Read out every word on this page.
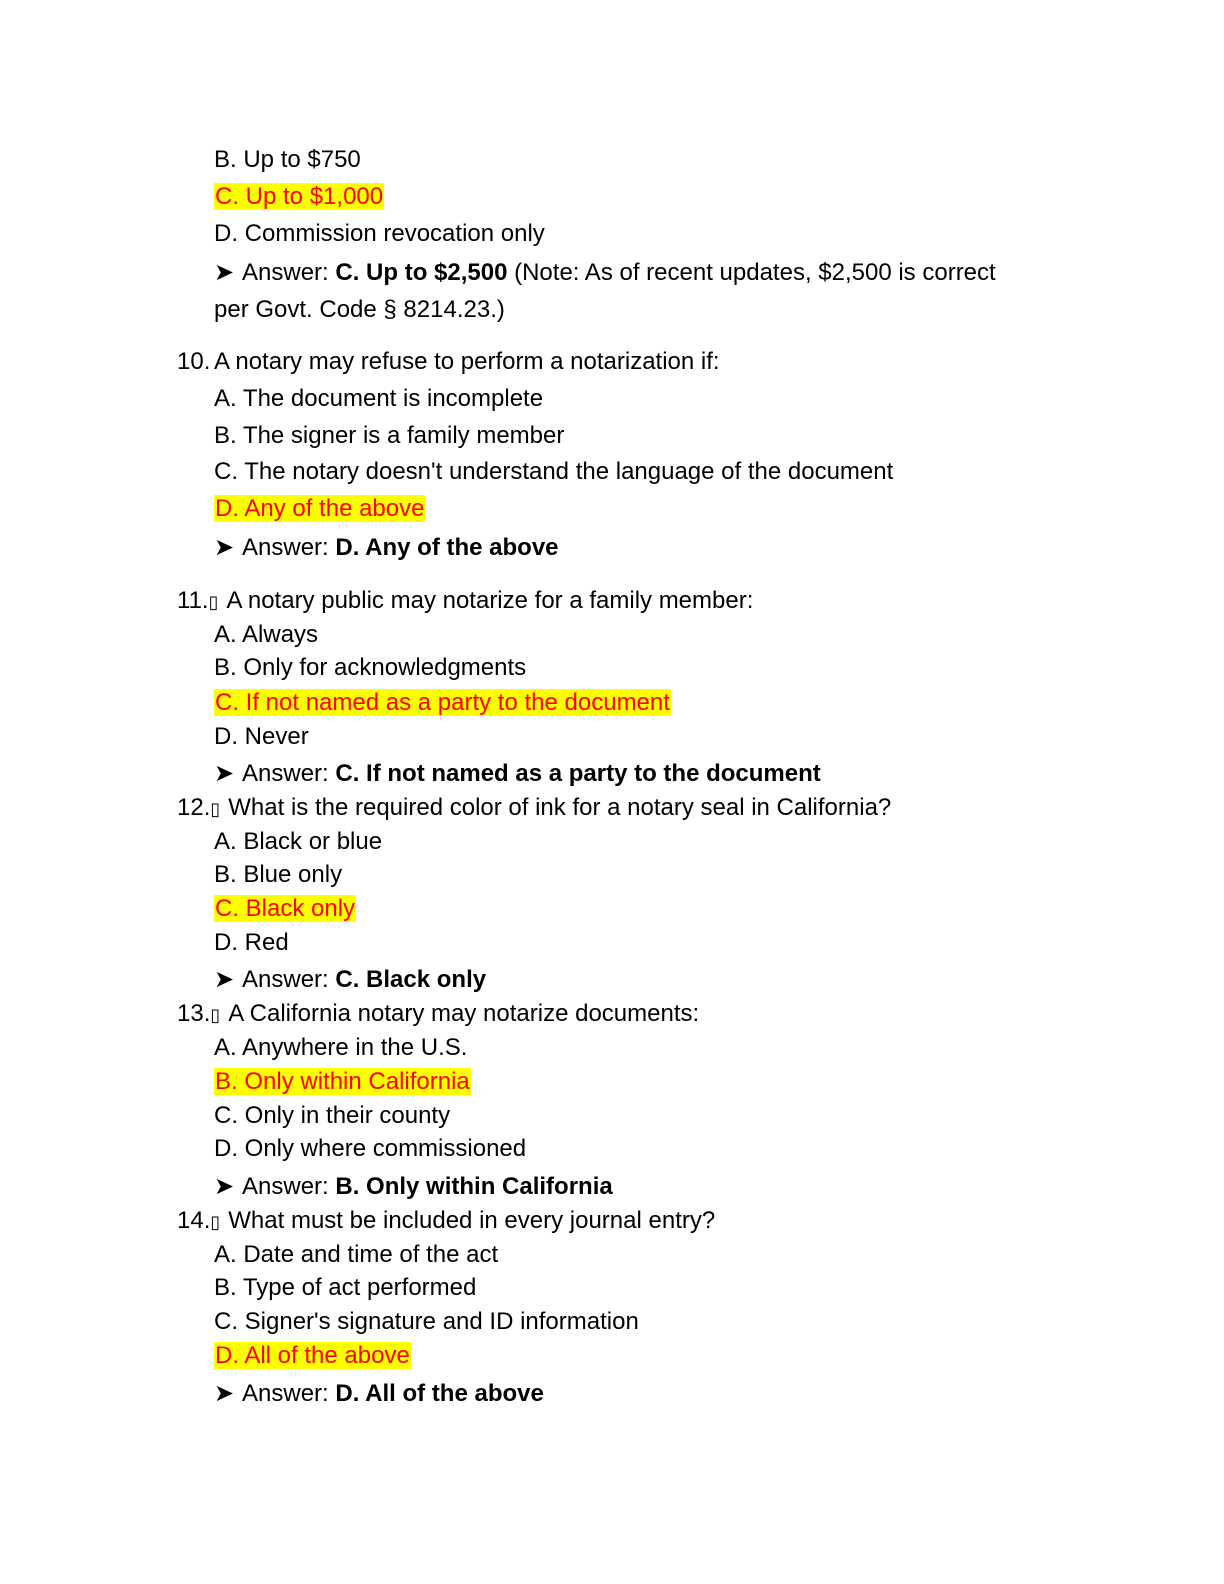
B. Up to $750
C. Up to $1,000
D. Commission revocation only
➤ Answer: C. Up to $2,500 (Note: As of recent updates, $2,500 is correct
per Govt. Code § 8214.23.)
10. A notary may refuse to perform a notarization if:
A. The document is incomplete
B. The signer is a family member
C. The notary doesn't understand the language of the document
D. Any of the above
➤ Answer: D. Any of the above
11.▯ A notary public may notarize for a family member:
A. Always
B. Only for acknowledgments
C. If not named as a party to the document
D. Never
➤ Answer: C. If not named as a party to the document
12.▯ What is the required color of ink for a notary seal in California?
A. Black or blue
B. Blue only
C. Black only
D. Red
➤ Answer: C. Black only
13.▯ A California notary may notarize documents:
A. Anywhere in the U.S.
B. Only within California
C. Only in their county
D. Only where commissioned
➤ Answer: B. Only within California
14.▯ What must be included in every journal entry?
A. Date and time of the act
B. Type of act performed
C. Signer's signature and ID information
D. All of the above
➤ Answer: D. All of the above
